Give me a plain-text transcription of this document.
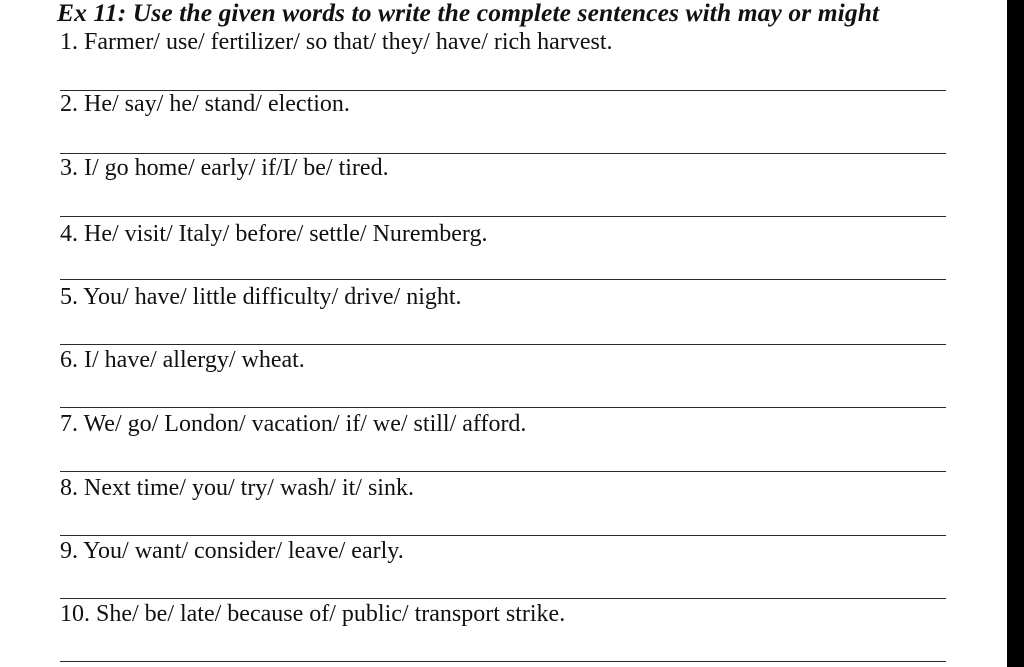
Ex 11: Use the given words to write the complete sentences with may or might
1. Farmer/ use/ fertilizer/ so that/ they/ have/ rich harvest.
2. He/ say/ he/ stand/ election.
3. I/ go home/ early/ if/I/ be/ tired.
4. He/ visit/ Italy/ before/ settle/ Nuremberg.
5. You/ have/ little difficulty/ drive/ night.
6. I/ have/ allergy/ wheat.
7. We/ go/ London/ vacation/ if/ we/ still/ afford.
8. Next time/ you/ try/ wash/ it/ sink.
9. You/ want/ consider/ leave/ early.
10. She/ be/ late/ because of/ public/ transport strike.
